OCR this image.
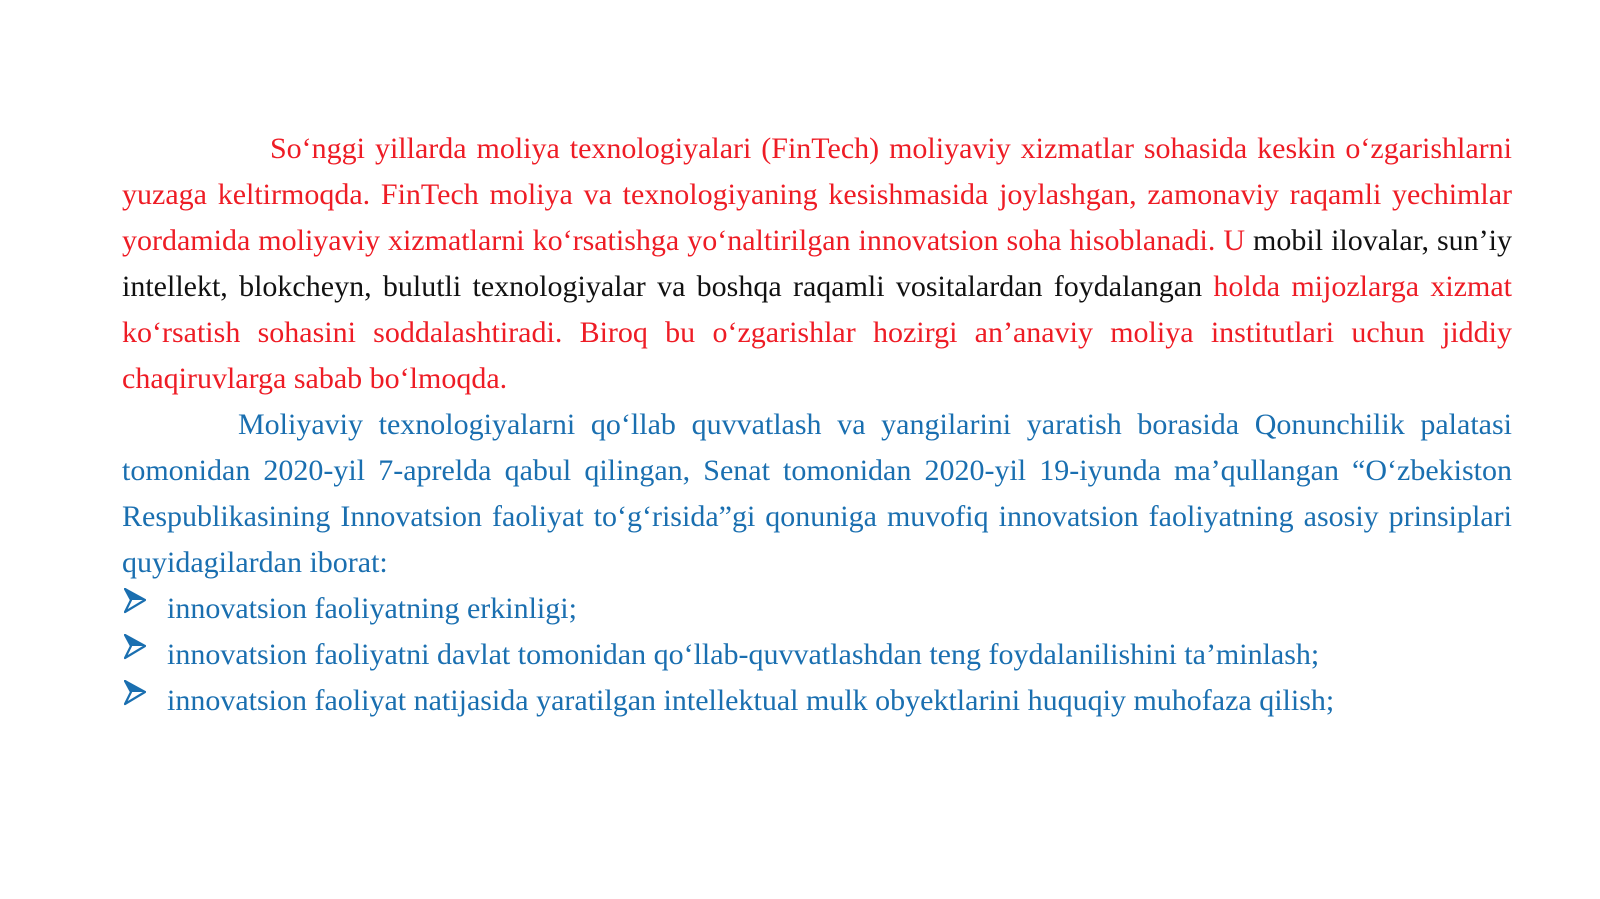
So‘nggi yillarda moliya texnologiyalari (FinTech) moliyaviy xizmatlar sohasida keskin o‘zgarishlarni yuzaga keltirmoqda. FinTech moliya va texnologiyaning kesishmasida joylashgan, zamonaviy raqamli yechimlar yordamida moliyaviy xizmatlarni ko‘rsatishga yo‘naltirilgan innovatsion soha hisoblanadi. U mobil ilovalar, sun’iy intellekt, blokcheyn, bulutli texnologiyalar va boshqa raqamli vositalardan foydalangan holda mijozlarga xizmat ko‘rsatish sohasini soddalashtiradi. Biroq bu o‘zgarishlar hozirgi an’anaviy moliya institutlari uchun jiddiy chaqiruvlarga sabab bo‘lmoqda.

Moliyaviy texnologiyalarni qo‘llab quvvatlash va yangilarini yaratish borasida Qonunchilik palatasi tomonidan 2020-yil 7-aprelda qabul qilingan, Senat tomonidan 2020-yil 19-iyunda ma’qullangan “O‘zbekiston Respublikasining Innovatsion faoliyat to‘g‘risida”gi qonuniga muvofiq innovatsion faoliyatning asosiy prinsiplari quyidagilardan iborat:

innovatsion faoliyatning erkinligi;
innovatsion faoliyatni davlat tomonidan qo‘llab-quvvatlashdan teng foydalanilishini ta’minlash;
innovatsion faoliyat natijasida yaratilgan intellektual mulk obyektlarini huquqiy muhofaza qilish;
